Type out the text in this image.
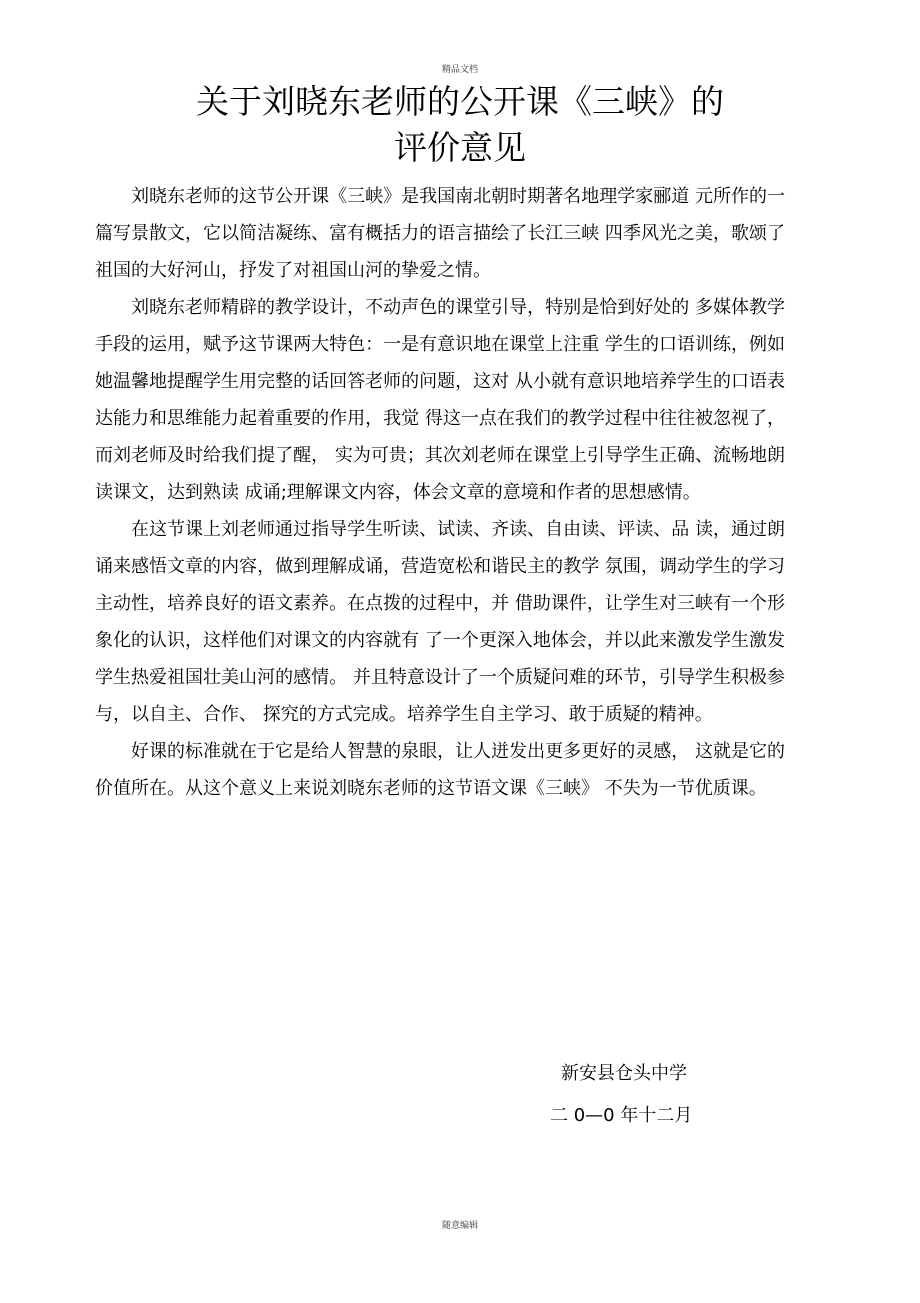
精品文档
关于刘晓东老师的公开课《三峡》的
评价意见

刘晓东老师的这节公开课《三峡》是我国南北朝时期著名地理学家郦道 元所作的一篇写景散文，它以简洁凝练、富有概括力的语言描绘了长江三峡 四季风光之美，歌颂了祖国的大好河山，抒发了对祖国山河的挚爱之情。

刘晓东老师精辟的教学设计，不动声色的课堂引导，特别是恰到好处的 多媒体教学手段的运用，赋予这节课两大特色：一是有意识地在课堂上注重 学生的口语训练，例如她温馨地提醒学生用完整的话回答老师的问题，这对 从小就有意识地培养学生的口语表达能力和思维能力起着重要的作用，我觉 得这一点在我们的教学过程中往往被忽视了，而刘老师及时给我们提了醒， 实为可贵；其次刘老师在课堂上引导学生正确、流畅地朗读课文，达到熟读 成诵;理解课文内容，体会文章的意境和作者的思想感情。

在这节课上刘老师通过指导学生听读、试读、齐读、自由读、评读、品 读，通过朗诵来感悟文章的内容，做到理解成诵，营造宽松和谐民主的教学 氛围，调动学生的学习主动性，培养良好的语文素养。在点拨的过程中，并 借助课件，让学生对三峡有一个形象化的认识，这样他们对课文的内容就有 了一个更深入地体会，并以此来激发学生激发学生热爱祖国壮美山河的感情。 并且特意设计了一个质疑问难的环节，引导学生积极参与，以自主、合作、 探究的方式完成。培养学生自主学习、敢于质疑的精神。

好课的标准就在于它是给人智慧的泉眼，让人迸发出更多更好的灵感， 这就是它的价值所在。从这个意义上来说刘晓东老师的这节语文课《三峡》 不失为一节优质课。

新安县仓头中学
二 0—0 年十二月
随意编辑
